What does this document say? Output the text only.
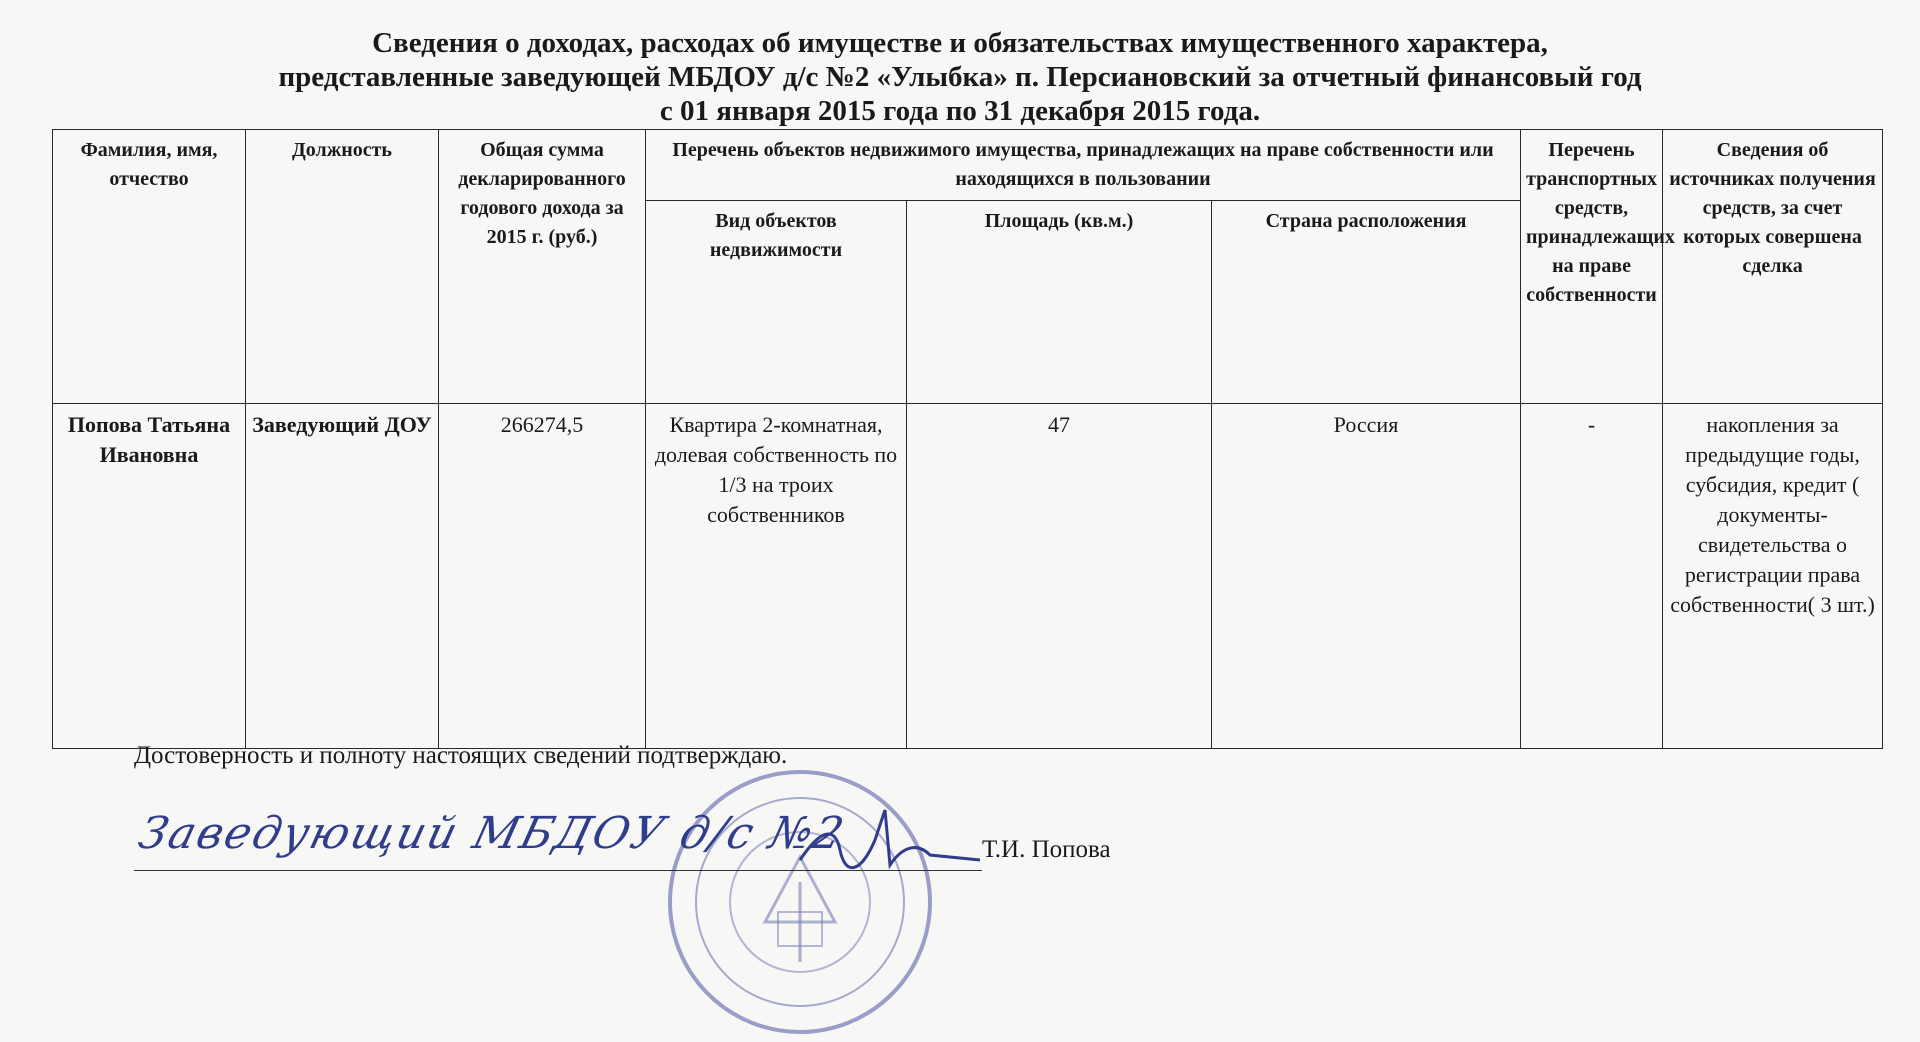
Сведения о доходах, расходах об имуществе и обязательствах имущественного характера,
представленные заведующей МБДОУ д/с №2 «Улыбка» п. Персиановский за отчетный финансовый год
с 01 января 2015 года по 31 декабря 2015 года.
Фамилия, имя, отчество	Должность	Общая сумма декларированного годового дохода за 2015 г. (руб.)	Перечень объектов недвижимого имущества, принадлежащих на праве собственности или находящихся в пользовании			Перечень транспортных средств, принадлежащих на праве собственности	Сведения об источниках получения средств, за счет которых совершена сделка
			Вид объектов недвижимости	Площадь (кв.м.)	Страна расположения		
Попова Татьяна Ивановна	Заведующий ДОУ	266274,5	Квартира 2-комнатная, долевая собственность по 1/3 на троих собственников	47	Россия	-	накопления за предыдущие годы, субсидия, кредит ( документы-свидетельства о регистрации права собственности( 3 шт.)
Достоверность и полноту настоящих сведений подтверждаю.
Заведующий МБДОУ д/с №2	Т.И. Попова
